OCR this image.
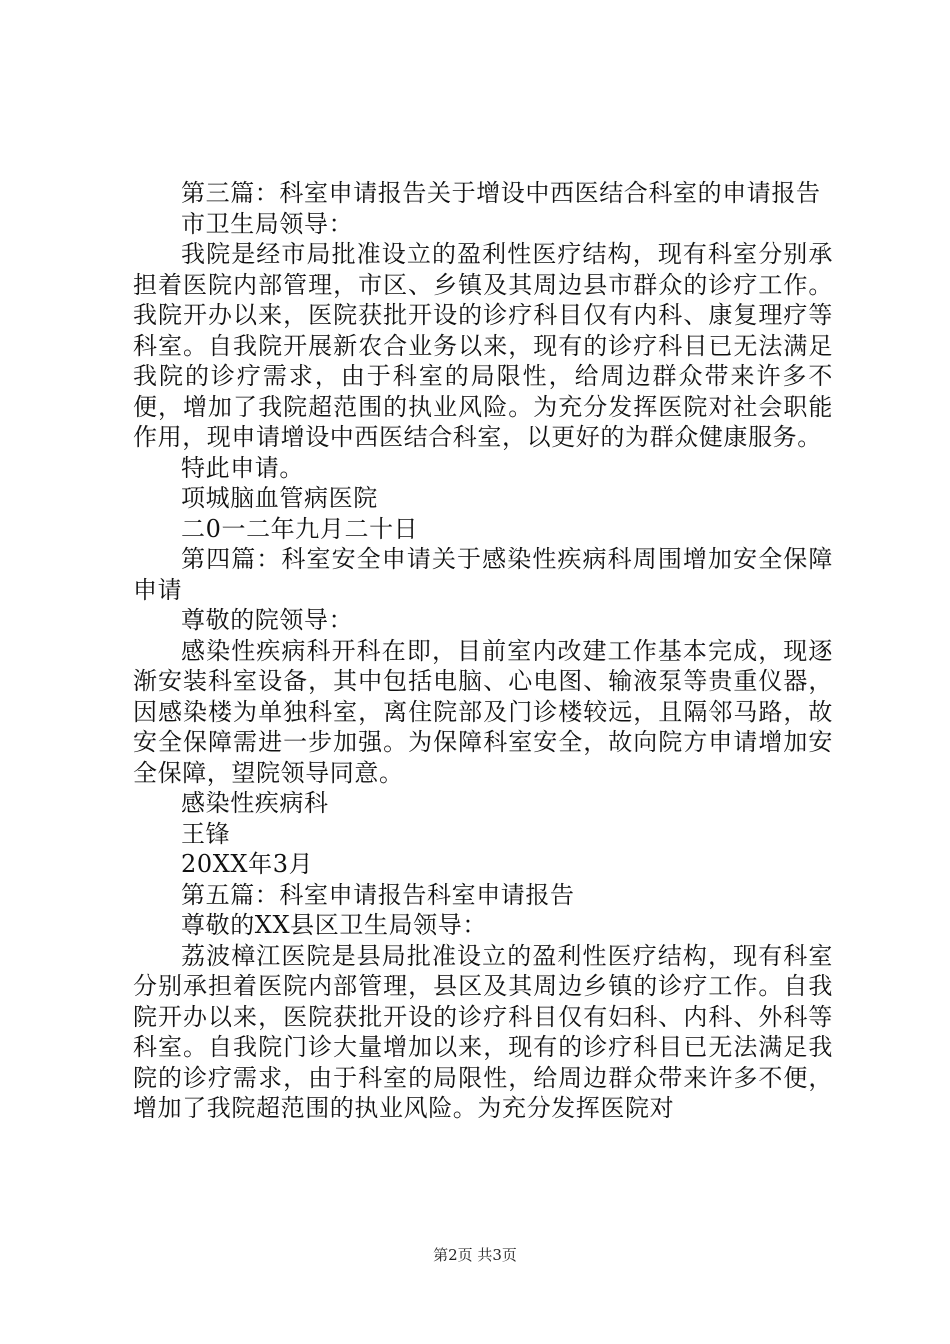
第三篇：科室申请报告关于增设中西医结合科室的申请报告

市卫生局领导：

我院是经市局批准设立的盈利性医疗结构，现有科室分别承担着医院内部管理，市区、乡镇及其周边县市群众的诊疗工作。我院开办以来，医院获批开设的诊疗科目仅有内科、康复理疗等科室。自我院开展新农合业务以来，现有的诊疗科目已无法满足我院的诊疗需求，由于科室的局限性，给周边群众带来许多不便，增加了我院超范围的执业风险。为充分发挥医院对社会职能作用，现申请增设中西医结合科室，以更好的为群众健康服务。

特此申请。

项城脑血管病医院

二0一二年九月二十日

第四篇：科室安全申请关于感染性疾病科周围增加安全保障申请

尊敬的院领导：

感染性疾病科开科在即，目前室内改建工作基本完成，现逐渐安装科室设备，其中包括电脑、心电图、输液泵等贵重仪器，因感染楼为单独科室，离住院部及门诊楼较远，且隔邻马路，故安全保障需进一步加强。为保障科室安全，故向院方申请增加安全保障，望院领导同意。

感染性疾病科

王锋

20XX年3月

第五篇：科室申请报告科室申请报告

尊敬的XX县区卫生局领导：

荔波樟江医院是县局批准设立的盈利性医疗结构，现有科室分别承担着医院内部管理，县区及其周边乡镇的诊疗工作。自我院开办以来，医院获批开设的诊疗科目仅有妇科、内科、外科等科室。自我院门诊大量增加以来，现有的诊疗科目已无法满足我院的诊疗需求，由于科室的局限性，给周边群众带来许多不便，增加了我院超范围的执业风险。为充分发挥医院对

第2页 共3页
